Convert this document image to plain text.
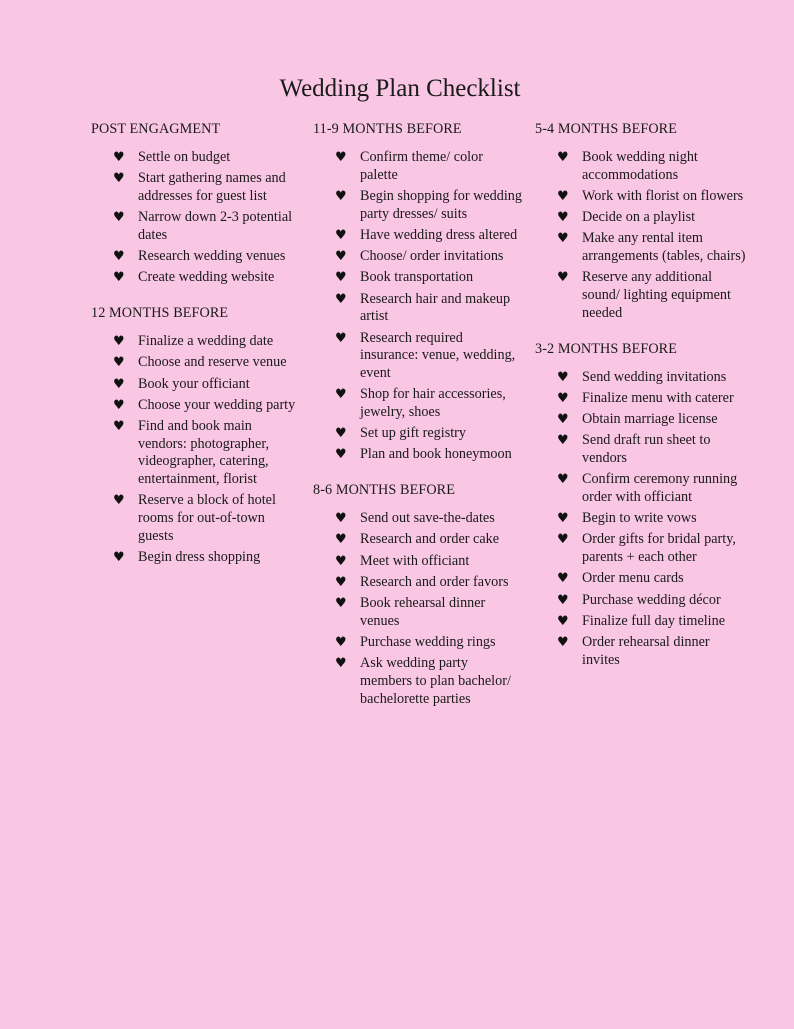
Wedding Plan Checklist
POST ENGAGMENT
♥ Settle on budget
♥ Start gathering names and addresses for guest list
♥ Narrow down 2-3 potential dates
♥ Research wedding venues
♥ Create wedding website
12 MONTHS BEFORE
♥ Finalize a wedding date
♥ Choose and reserve venue
♥ Book your officiant
♥ Choose your wedding party
♥ Find and book main vendors: photographer, videographer, catering, entertainment, florist
♥ Reserve a block of hotel rooms for out-of-town guests
♥ Begin dress shopping
11-9 MONTHS BEFORE
♥ Confirm theme/ color palette
♥ Begin shopping for wedding party dresses/ suits
♥ Have wedding dress altered
♥ Choose/ order invitations
♥ Book transportation
♥ Research hair and makeup artist
♥ Research required insurance: venue, wedding, event
♥ Shop for hair accessories, jewelry, shoes
♥ Set up gift registry
♥ Plan and book honeymoon
8-6 MONTHS BEFORE
♥ Send out save-the-dates
♥ Research and order cake
♥ Meet with officiant
♥ Research and order favors
♥ Book rehearsal dinner venues
♥ Purchase wedding rings
♥ Ask wedding party members to plan bachelor/ bachelorette parties
5-4 MONTHS BEFORE
♥ Book wedding night accommodations
♥ Work with florist on flowers
♥ Decide on a playlist
♥ Make any rental item arrangements (tables, chairs)
♥ Reserve any additional sound/ lighting equipment needed
3-2 MONTHS BEFORE
♥ Send wedding invitations
♥ Finalize menu with caterer
♥ Obtain marriage license
♥ Send draft run sheet to vendors
♥ Confirm ceremony running order with officiant
♥ Begin to write vows
♥ Order gifts for bridal party, parents + each other
♥ Order menu cards
♥ Purchase wedding décor
♥ Finalize full day timeline
♥ Order rehearsal dinner invites
